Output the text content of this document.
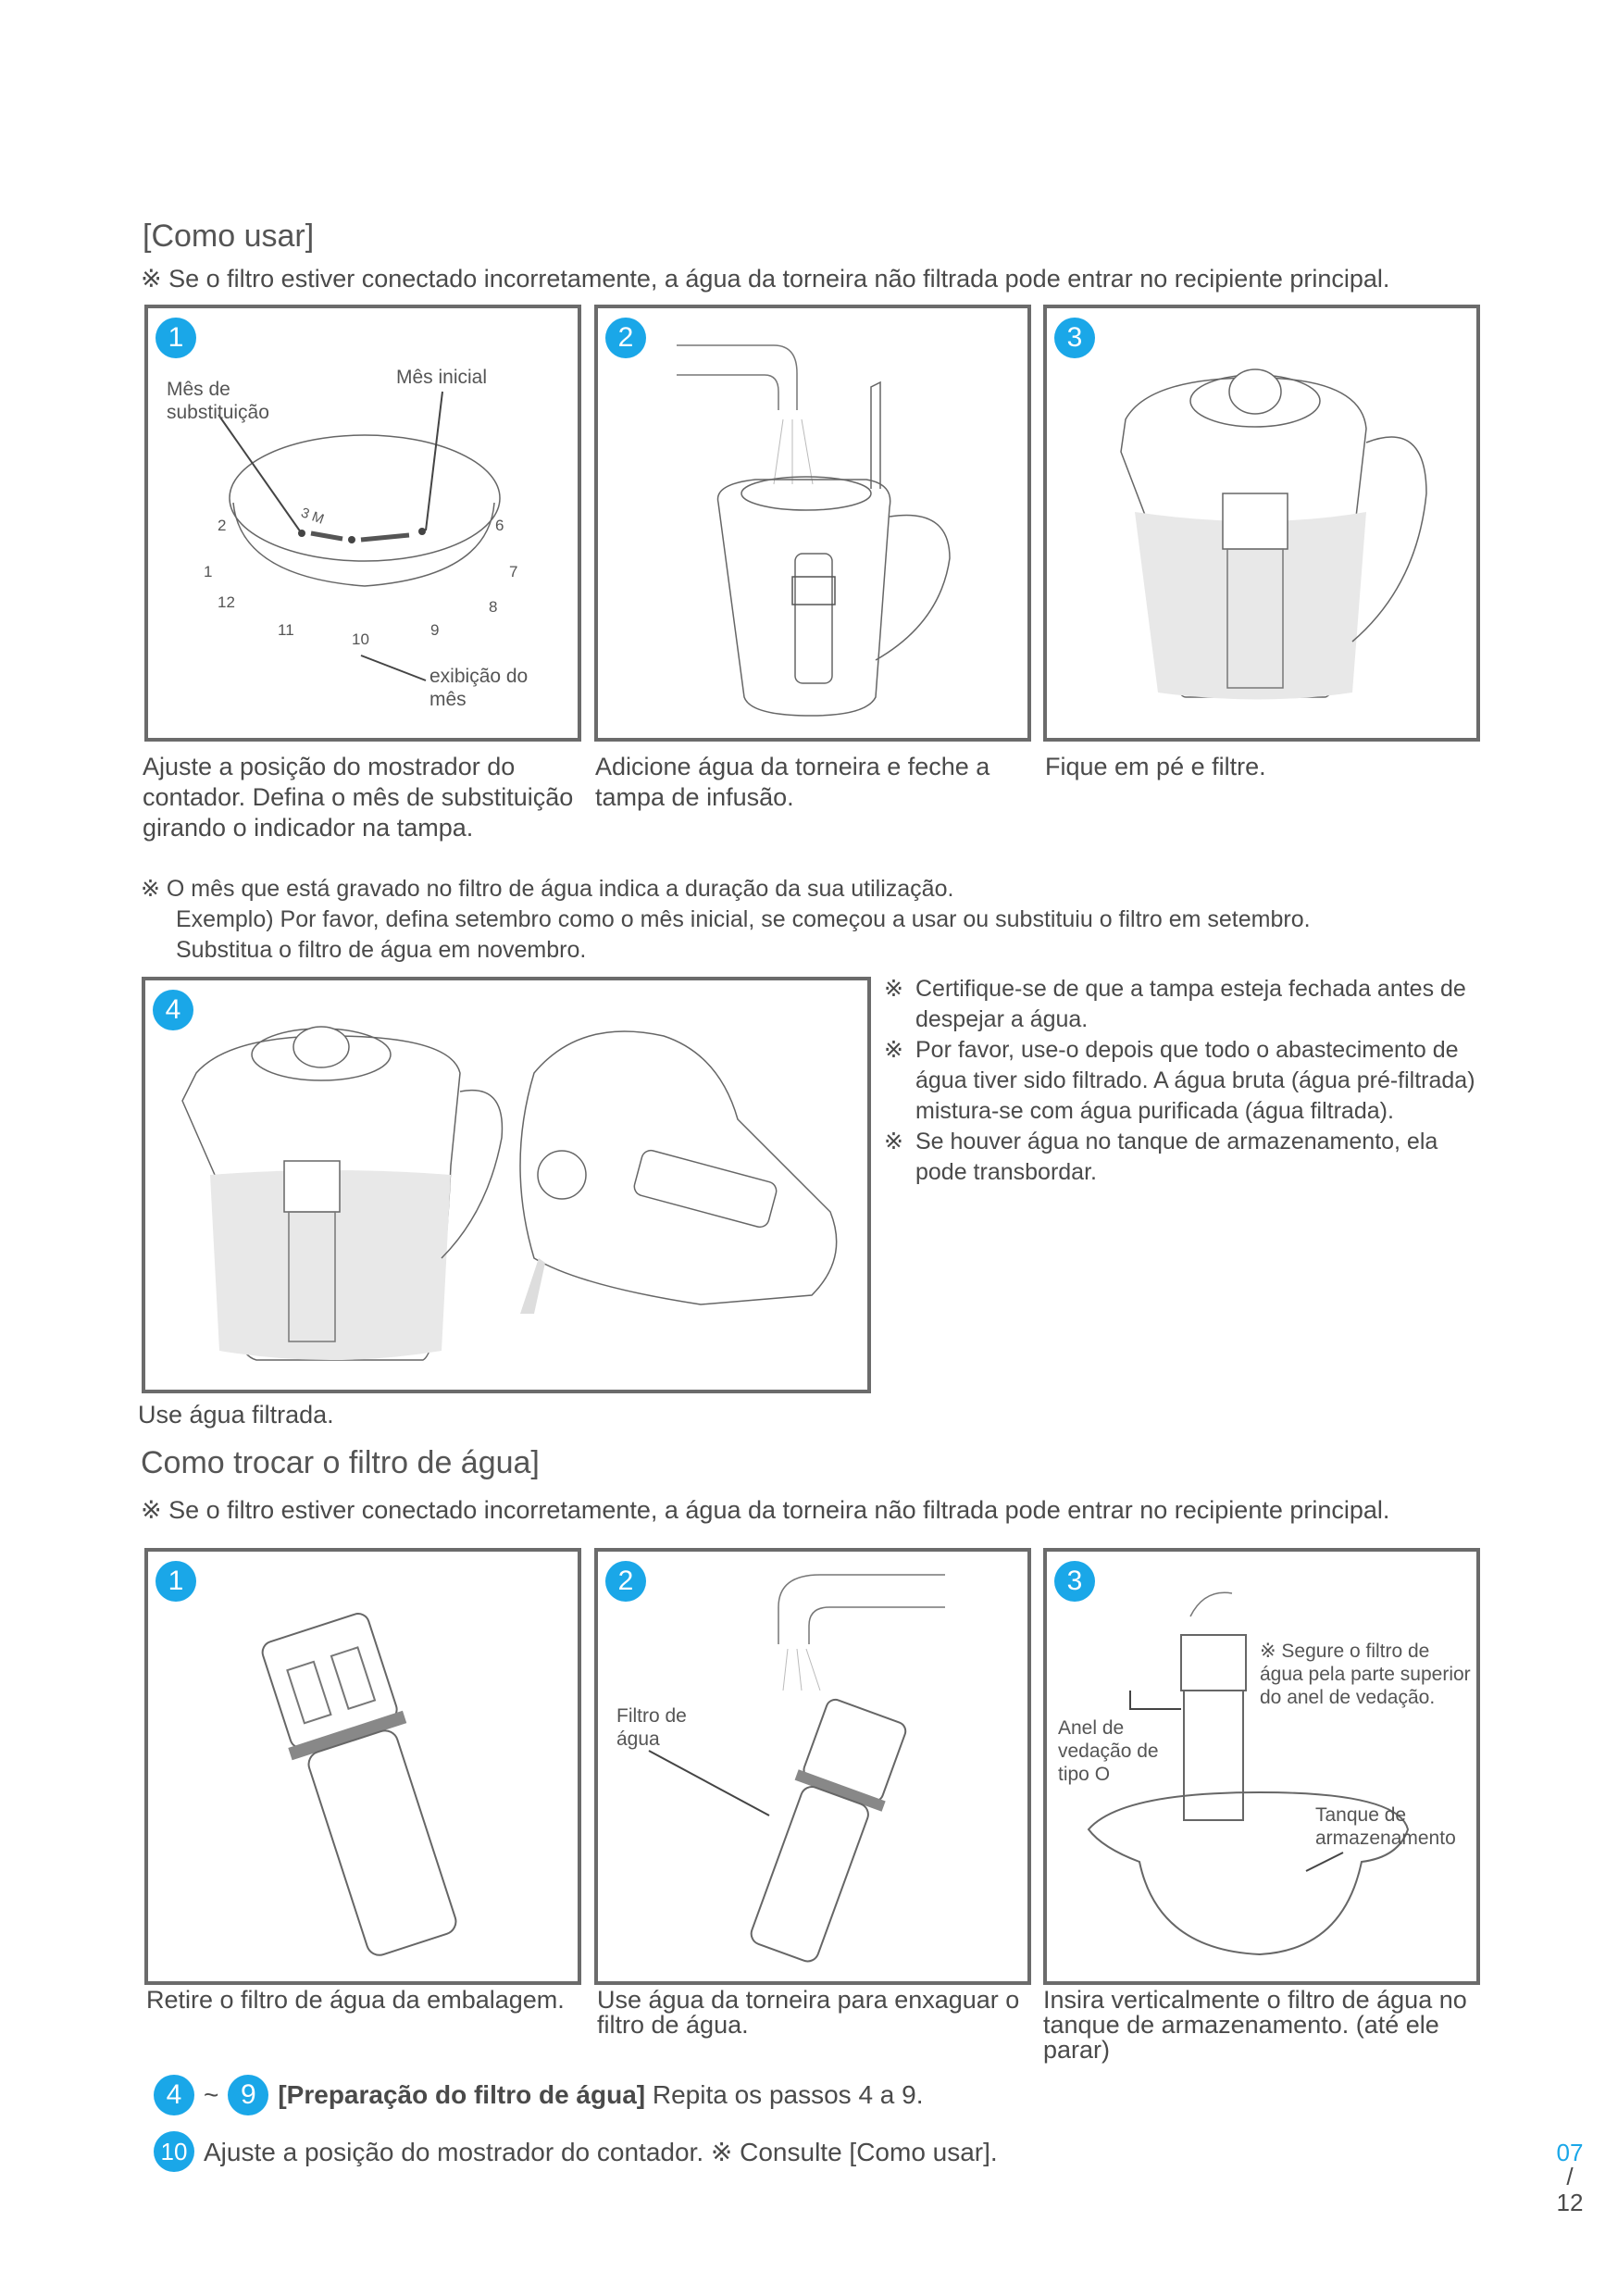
[Como usar]
※ Se o filtro estiver conectado incorretamente, a água da torneira não filtrada pode entrar no recipiente principal.
1
Mês de substituição
Mês inicial
exibição do mês
3 M
1
2	6
7
8
9
10
11
12
2	3
Ajuste a posição do mostrador do contador. Defina o mês de substituição girando o indicador na tampa.
Adicione água da torneira e feche a tampa de infusão.
Fique em pé e filtre.
※ O mês que está gravado no filtro de água indica a duração da sua utilização.
Exemplo) Por favor, defina setembro como o mês inicial, se começou a usar ou substituiu o filtro em setembro.
Substitua o filtro de água em novembro.
4
Use água filtrada.
※ Certifique-se de que a tampa esteja fechada antes de despejar a água.
※ Por favor, use-o depois que todo o abastecimento de água tiver sido filtrado. A água bruta (água pré-filtrada) mistura-se com água purificada (água filtrada).
※ Se houver água no tanque de armazenamento, ela pode transbordar.
Como trocar o filtro de água]
※ Se o filtro estiver conectado incorretamente, a água da torneira não filtrada pode entrar no recipiente principal.
1	2
Filtro de água
3
Anel de vedação de tipo O
※ Segure o filtro de água pela parte superior do anel de vedação.
Tanque de armazenamento
Retire o filtro de água da embalagem.	Use água da torneira para enxaguar o filtro de água.
Insira verticalmente o filtro de água no tanque de armazenamento. (até ele parar)
4 ~ 9 [Preparação do filtro de água] Repita os passos 4 a 9.
10 Ajuste a posição do mostrador do contador. ※ Consulte [Como usar].	07
/
12
